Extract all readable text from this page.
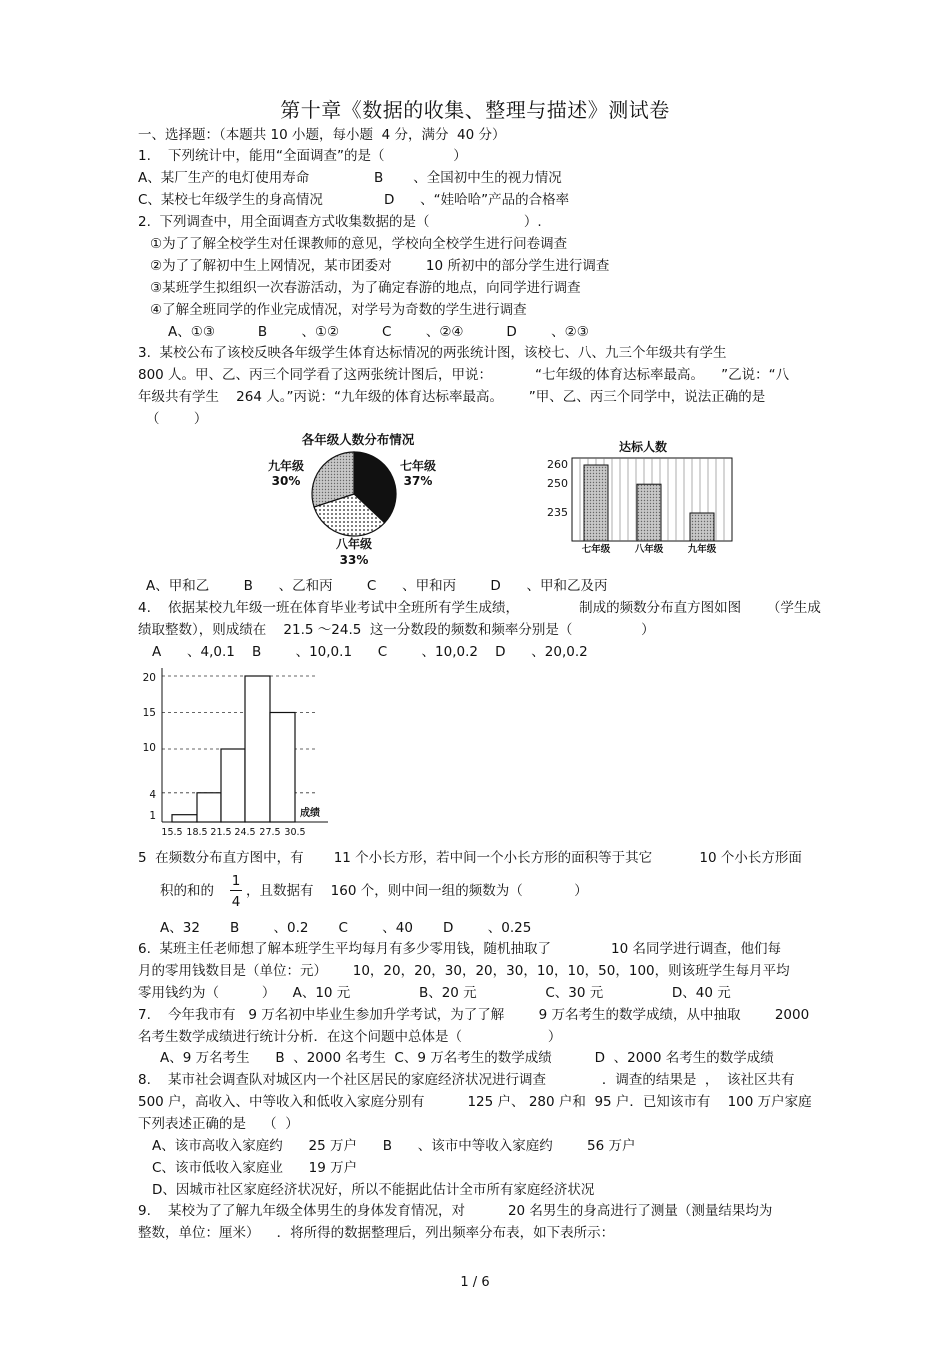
第十章《数据的收集、整理与描述》测试卷
一、选择题：（本题共 10 小题，每小题  4 分，满分  40 分）
1.    下列统计中，能用“全面调查”的是（                ）
A、某厂生产的电灯使用寿命	B       、全国初中生的视力情况
C、某校七年级学生的身高情况	D      、“娃哈哈”产品的合格率
2.  下列调查中，用全面调查方式收集数据的是（                      ）.
①为了了解全校学生对任课教师的意见，学校向全校学生进行问卷调查
②为了了解初中生上网情况，某市团委对        10 所初中的部分学生进行调查
③某班学生拟组织一次春游活动，为了确定春游的地点，向同学进行调查
④了解全班同学的作业完成情况，对学号为奇数的学生进行调查
A、①③          B        、①②          C        、②④          D        、②③
3.  某校公布了该校反映各年级学生体育达标情况的两张统计图，该校七、八、九三个年级共有学生
800 人。甲、乙、丙三个同学看了这两张统计图后，甲说：          “七年级的体育达标率最高。    ”乙说：“八
年级共有学生    264 人。”丙说：“九年级的体育达标率最高。      ”甲、乙、丙三个同学中，说法正确的是
（        ）
各年级人数分布情况
七年级
37%
九年级
30%
八年级
33%
达标人数
260
250
235
七年级	八年级	九年级
A、甲和乙        B      、乙和丙        C      、甲和丙        D      、甲和乙及丙
4.    依据某校九年级一班在体育毕业考试中全班所有学生成绩，              制成的频数分布直方图如图      （学生成
绩取整数），则成绩在    21.5 ～24.5  这一分数段的频数和频率分别是（                ）
A      、4,0.1    B        、10,0.1      C        、10,0.2    D      、20,0.2
20
15
10
4
1	成绩
15.5 18.5 21.5 24.5 27.5 30.5
5  在频数分布直方图中，有       11 个小长方形，若中间一个小长方形的面积等于其它           10 个小长方形面
积的和的
1
4
，且数据有    160 个，则中间一组的频数为（            ）
A、32       B        、0.2       C        、40       D        、0.25
6.  某班主任老师想了解本班学生平均每月有多少零用钱，随机抽取了              10 名同学进行调查，他们每
月的零用钱数目是（单位：元）      10，20，20，30，20，30，10，10，50，100，则该班学生每月平均
零用钱约为（          ）    A、10 元                B、20 元                C、30 元                D、40 元
7.    今年我市有   9 万名初中毕业生参加升学考试，为了了解        9 万名考生的数学成绩，从中抽取        2000
名考生数学成绩进行统计分析．在这个问题中总体是（                    ）
A、9 万名考生      B  、2000 名考生  C、9 万名考生的数学成绩          D  、2000 名考生的数学成绩
8.    某市社会调查队对城区内一个社区居民的家庭经济状况进行调查             ．调查的结果是  ，  该社区共有
500 户，高收入、中等收入和低收入家庭分别有          125 户、 280 户和  95 户．已知该市有    100 万户家庭
下列表述正确的是    （  ）
A、该市高收入家庭约      25 万户      B      、该市中等收入家庭约        56 万户
C、该市低收入家庭业      19 万户
D、因城市社区家庭经济状况好，所以不能据此估计全市所有家庭经济状况
9.    某校为了了解九年级全体男生的身体发育情况，对          20 名男生的身高进行了测量（测量结果均为
整数，单位：厘米）    ．将所得的数据整理后，列出频率分布表，如下表所示：
1 / 6
